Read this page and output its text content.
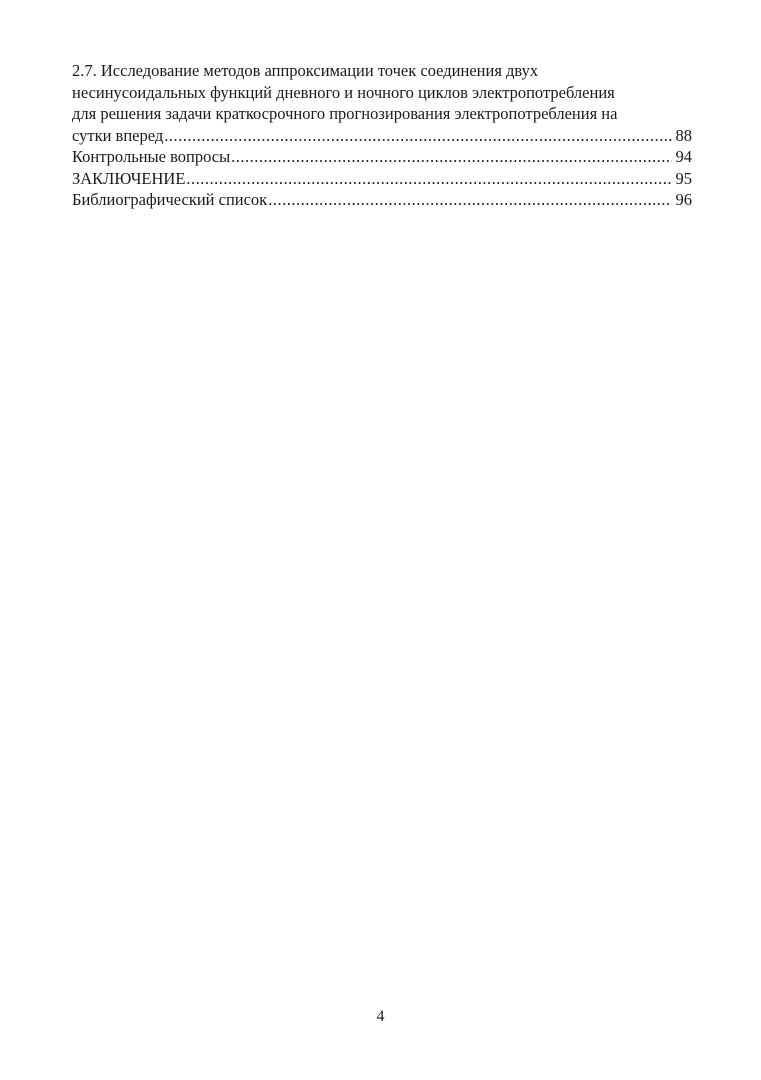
2.7. Исследование методов аппроксимации точек соединения двух
несинусоидальных функций дневного и ночного циклов электропотребления
для решения задачи краткосрочного прогнозирования электропотребления на
сутки вперед .....	88
Контрольные вопросы .....	94
ЗАКЛЮЧЕНИЕ .....	95
Библиографический список .....	96
4
